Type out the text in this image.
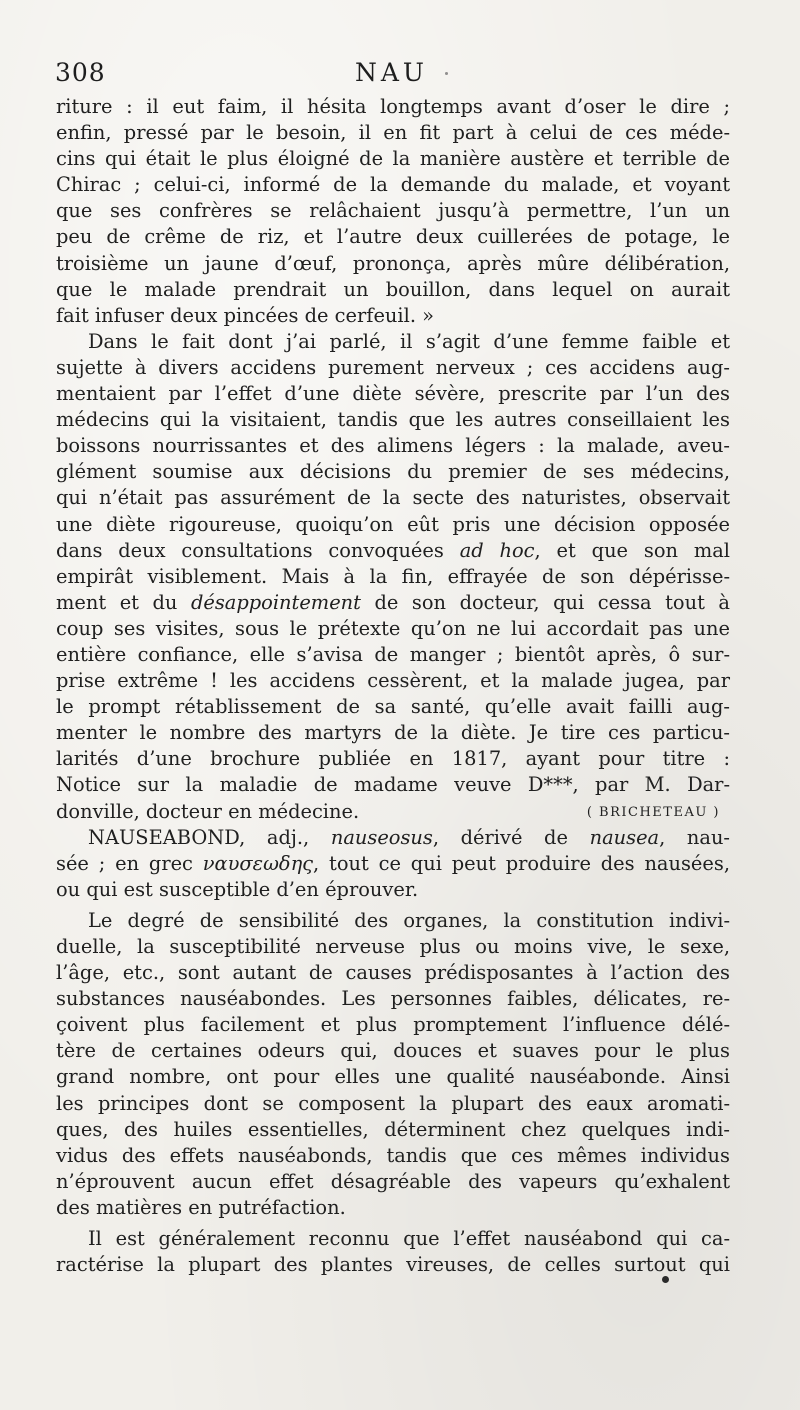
308	NAU
riture : il eut faim, il hésita longtemps avant d’oser le dire ;
enfin, pressé par le besoin, il en fit part à celui de ces méde-
cins qui était le plus éloigné de la manière austère et terrible de
Chirac ; celui-ci, informé de la demande du malade, et voyant
que ses confrères se relâchaient jusqu’à permettre, l’un un
peu de crême de riz, et l’autre deux cuillerées de potage, le
troisième un jaune d’œuf, prononça, après mûre délibération,
que le malade prendrait un bouillon, dans lequel on aurait
fait infuser deux pincées de cerfeuil. »
Dans le fait dont j’ai parlé, il s’agit d’une femme faible et
sujette à divers accidens purement nerveux ; ces accidens aug-
mentaient par l’effet d’une diète sévère, prescrite par l’un des
médecins qui la visitaient, tandis que les autres conseillaient les
boissons nourrissantes et des alimens légers : la malade, aveu-
glément soumise aux décisions du premier de ses médecins,
qui n’était pas assurément de la secte des naturistes, observait
une diète rigoureuse, quoiqu’on eût pris une décision opposée
dans deux consultations convoquées ad hoc, et que son mal
empirât visiblement. Mais à la fin, effrayée de son dépérisse-
ment et du désappointement de son docteur, qui cessa tout à
coup ses visites, sous le prétexte qu’on ne lui accordait pas une
entière confiance, elle s’avisa de manger ; bientôt après, ô sur-
prise extrême ! les accidens cessèrent, et la malade jugea, par
le prompt rétablissement de sa santé, qu’elle avait failli aug-
menter le nombre des martyrs de la diète. Je tire ces particu-
larités d’une brochure publiée en 1817, ayant pour titre :
Notice sur la maladie de madame veuve D***, par M. Dar-
donville, docteur en médecine.	( BRICHETEAU )
NAUSEABOND, adj., nauseosus, dérivé de nausea, nau-
sée ; en grec ναυσεωδης, tout ce qui peut produire des nausées,
ou qui est susceptible d’en éprouver.
Le degré de sensibilité des organes, la constitution indivi-
duelle, la susceptibilité nerveuse plus ou moins vive, le sexe,
l’âge, etc., sont autant de causes prédisposantes à l’action des
substances nauséabondes. Les personnes faibles, délicates, re-
çoivent plus facilement et plus promptement l’influence délé-
tère de certaines odeurs qui, douces et suaves pour le plus
grand nombre, ont pour elles une qualité nauséabonde. Ainsi
les principes dont se composent la plupart des eaux aromati-
ques, des huiles essentielles, déterminent chez quelques indi-
vidus des effets nauséabonds, tandis que ces mêmes individus
n’éprouvent aucun effet désagréable des vapeurs qu’exhalent
des matières en putréfaction.
Il est généralement reconnu que l’effet nauséabond qui ca-
ractérise la plupart des plantes vireuses, de celles surtout qui
